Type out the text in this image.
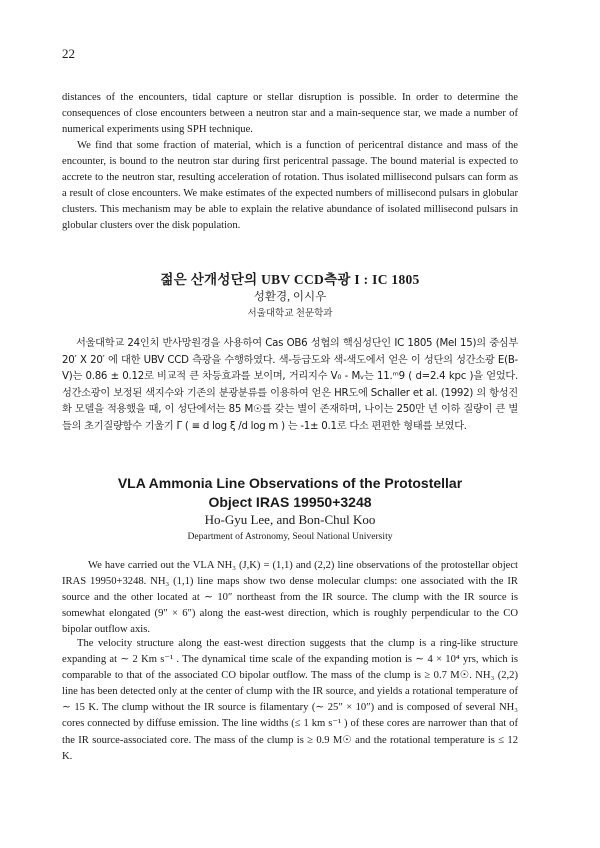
22

distances of the encounters, tidal capture or stellar disruption is possible. In order to determine the consequences of close encounters between a neutron star and a main-sequence star, we made a number of numerical experiments using SPH technique.

We find that some fraction of material, which is a function of pericentral distance and mass of the encounter, is bound to the neutron star during first pericentral passage. The bound material is expected to accrete to the neutron star, resulting acceleration of rotation. Thus isolated millisecond pulsars can form as a result of close encounters. We make estimates of the expected numbers of millisecond pulsars in globular clusters. This mechanism may be able to explain the relative abundance of isolated millisecond pulsars in globular clusters over the disk population.

젊은 산개성단의 UBV CCD측광 I : IC 1805
성환경, 이시우
서울대학교 천문학과

서울대학교 24인치 반사망원경을 사용하여 Cas OB6 성협의 핵심성단인 IC 1805 (Mel 15)의 중심부 20′ X 20′ 에 대한 UBV CCD 측광을 수행하였다. 색-등급도와 색-색도에서 얻은 이 성단의 성간소광 E(B-V)는 0.86 ± 0.12로 비교적 큰 차등효과를 보이며, 거리지수 V₀ - Mᵥ는 11.ᵐ9 ( d=2.4 kpc )을 얻었다. 성간소광이 보정된 색지수와 기존의 분광분류를 이용하여 얻은 HR도에 Schaller et al. (1992) 의 항성진화 모델을 적용했을 때, 이 성단에서는 85 M☉를 갖는 별이 존재하며, 나이는 250만 년 이하 질량이 큰 별들의 초기질량함수 기울기 Γ ( ≡ d log ξ /d log m ) 는 -1± 0.1로 다소 편편한 형태를 보였다.

VLA Ammonia Line Observations of the Protostellar
Object IRAS 19950+3248
Ho-Gyu Lee, and Bon-Chul Koo
Department of Astronomy, Seoul National University

We have carried out the VLA NH₃ (J,K) = (1,1) and (2,2) line observations of the protostellar object IRAS 19950+3248. NH₃ (1,1) line maps show two dense molecular clumps: one associated with the IR source and the other located at ∼ 10″ northeast from the IR source. The clump with the IR source is somewhat elongated (9″ × 6″) along the east-west direction, which is roughly perpendicular to the CO bipolar outflow axis.

The velocity structure along the east-west direction suggests that the clump is a ring-like structure expanding at ∼ 2 Km s⁻¹ . The dynamical time scale of the expanding motion is ∼ 4 × 10⁴ yrs, which is comparable to that of the associated CO bipolar outflow. The mass of the clump is ≥ 0.7 M☉. NH₃ (2,2) line has been detected only at the center of clump with the IR source, and yields a rotational temperature of ∼ 15 K. The clump without the IR source is filamentary (∼ 25″ × 10″) and is composed of several NH₃ cores connected by diffuse emission. The line widths (≤ 1 km s⁻¹ ) of these cores are narrower than that of the IR source-associated core. The mass of the clump is ≥ 0.9 M☉ and the rotational temperature is ≤ 12 K.
